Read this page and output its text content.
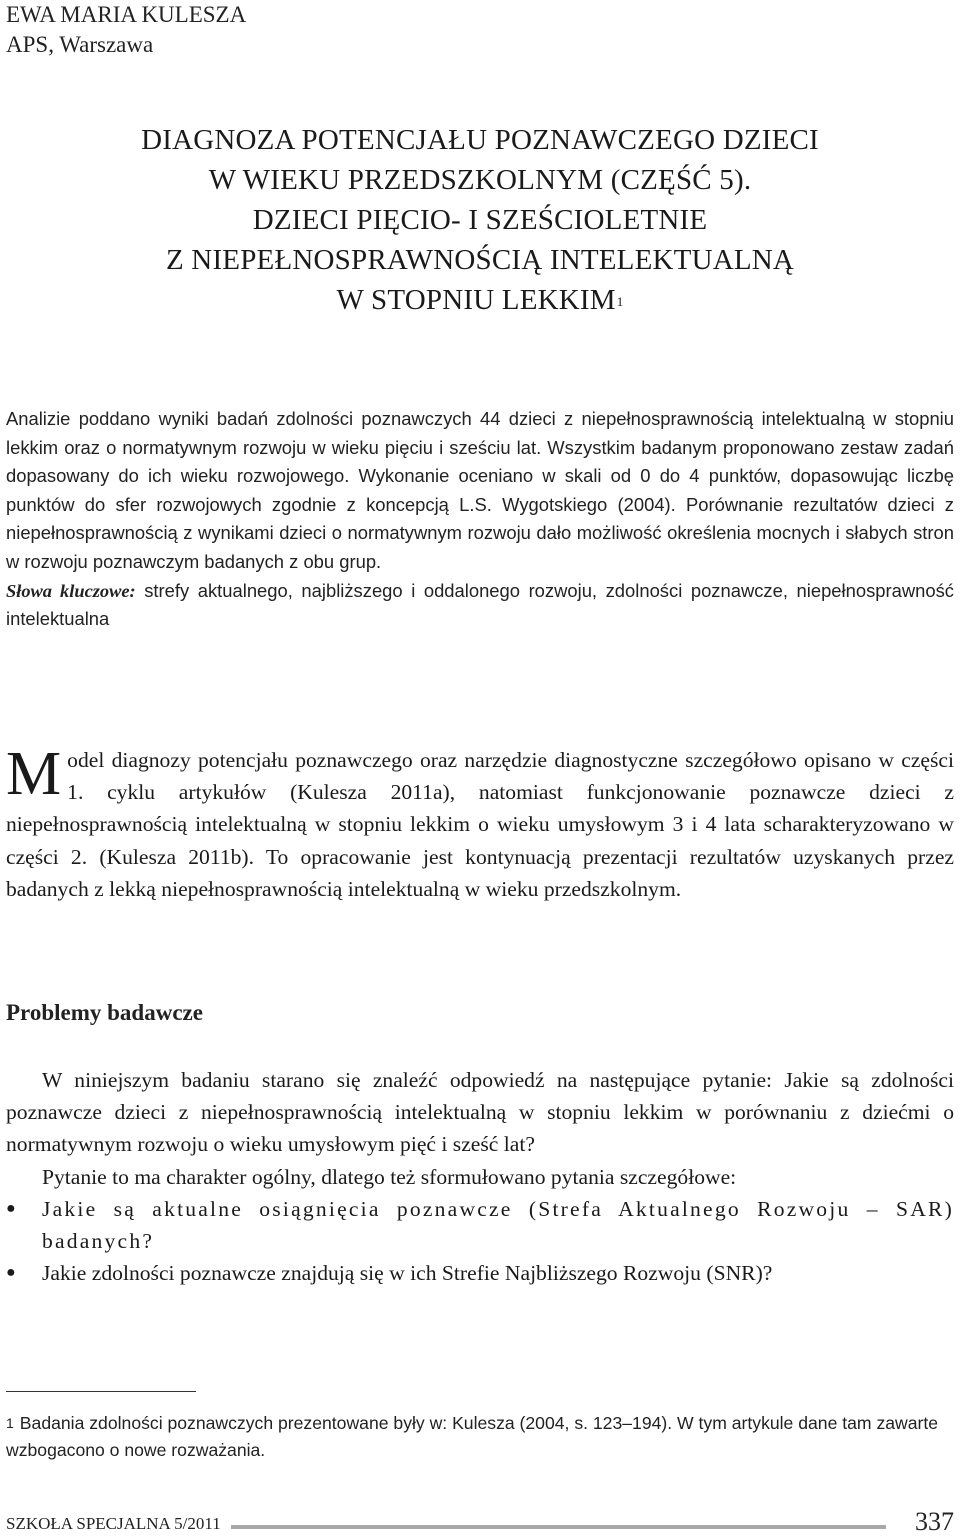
EWA MARIA KULESZA
APS, Warszawa
DIAGNOZA POTENCJAŁU POZNAWCZEGO DZIECI
W WIEKU PRZEDSZKOLNYM (CZĘŚĆ 5).
DZIECI PIĘCIO- I SZEŚCIOLETNIE
Z NIEPEŁNOSPRAWNOŚCIĄ INTELEKTUALNĄ
W STOPNIU LEKKIM$^1$

Analizie poddano wyniki badań zdolności poznawczych 44 dzieci z niepełnosprawnością intelektualną w stopniu lekkim oraz o normatywnym rozwoju w wieku pięciu i sześciu lat. Wszystkim badanym proponowano zestaw zadań dopasowany do ich wieku rozwojowego. Wykonanie oceniano w skali od 0 do 4 punktów, dopasowując liczbę punktów do sfer rozwojowych zgodnie z koncepcją L.S. Wygotskiego (2004). Porównanie rezultatów dzieci z niepełnosprawnością z wynikami dzieci o normatywnym rozwoju dało możliwość określenia mocnych i słabych stron w rozwoju poznawczym badanych z obu grup.

Słowa kluczowe: strefy aktualnego, najbliższego i oddalonego rozwoju, zdolności poznawcze, niepełnosprawność intelektualna

Model diagnozy potencjału poznawczego oraz narzędzie diagnostyczne szczegółowo opisano w części 1. cyklu artykułów (Kulesza 2011a), natomiast funkcjonowanie poznawcze dzieci z niepełnosprawnością intelektualną w stopniu lekkim o wieku umysłowym 3 i 4 lata scharakteryzowano w części 2. (Kulesza 2011b). To opracowanie jest kontynuacją prezentacji rezultatów uzyskanych przez badanych z lekką niepełnosprawnością intelektualną w wieku przedszkolnym.

Problemy badawcze

W niniejszym badaniu starano się znaleźć odpowiedź na następujące pytanie: Jakie są zdolności poznawcze dzieci z niepełnosprawnością intelektualną w stopniu lekkim w porównaniu z dziećmi o normatywnym rozwoju o wieku umysłowym pięć i sześć lat?

Pytanie to ma charakter ogólny, dlatego też sformułowano pytania szczegółowe:

● Jakie są aktualne osiągnięcia poznawcze (Strefa Aktualnego Rozwoju – SAR) badanych?
● Jakie zdolności poznawcze znajdują się w ich Strefie Najbliższego Rozwoju (SNR)?
$^1$ Badania zdolności poznawczych prezentowane były w: Kulesza (2004, s. 123–194). W tym artykule dane tam zawarte wzbogacono o nowe rozważania.
SZKOŁA SPECJALNA 5/2011	337
